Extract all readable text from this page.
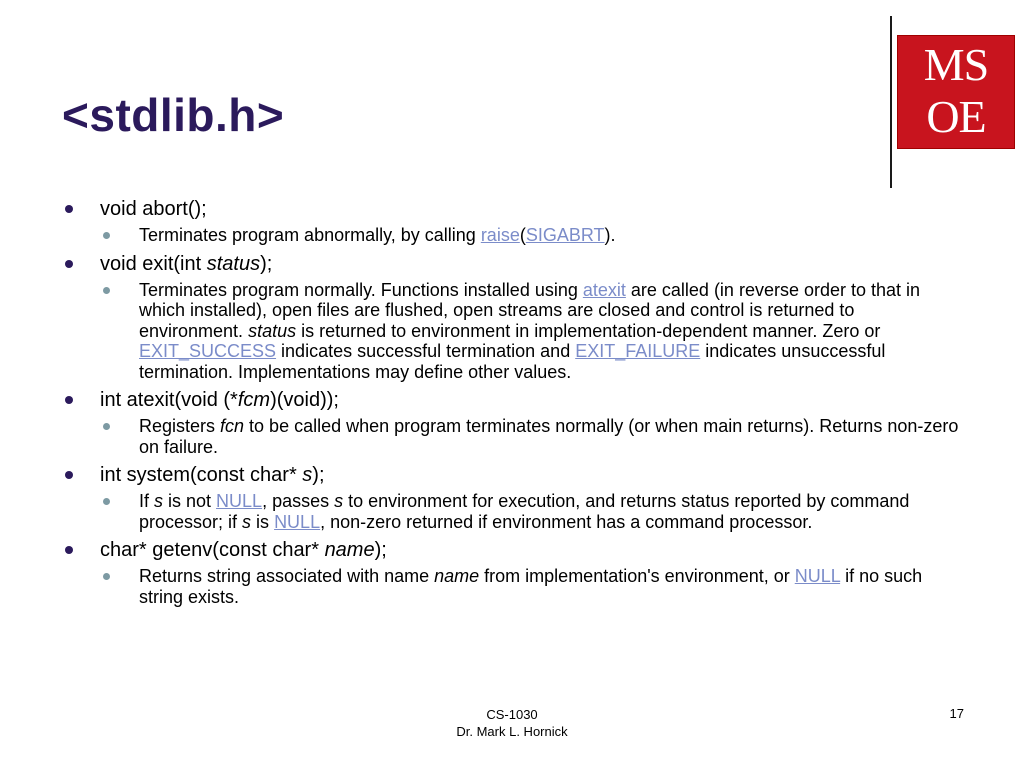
<stdlib.h>
MS
OE
void abort();
Terminates program abnormally, by calling raise(SIGABRT).
void exit(int status);
Terminates program normally. Functions installed using atexit are called (in reverse order to that in which installed), open files are flushed, open streams are closed and control is returned to environment. status is returned to environment in implementation-dependent manner. Zero or EXIT_SUCCESS indicates successful termination and EXIT_FAILURE indicates unsuccessful termination. Implementations may define other values.
int atexit(void (*fcm)(void));
Registers fcn to be called when program terminates normally (or when main returns). Returns non-zero on failure.
int system(const char* s);
If s is not NULL, passes s to environment for execution, and returns status reported by command processor; if s is NULL, non-zero returned if environment has a command processor.
char* getenv(const char* name);
Returns string associated with name name from implementation's environment, or NULL if no such string exists.
CS-1030
Dr. Mark L. Hornick
17
